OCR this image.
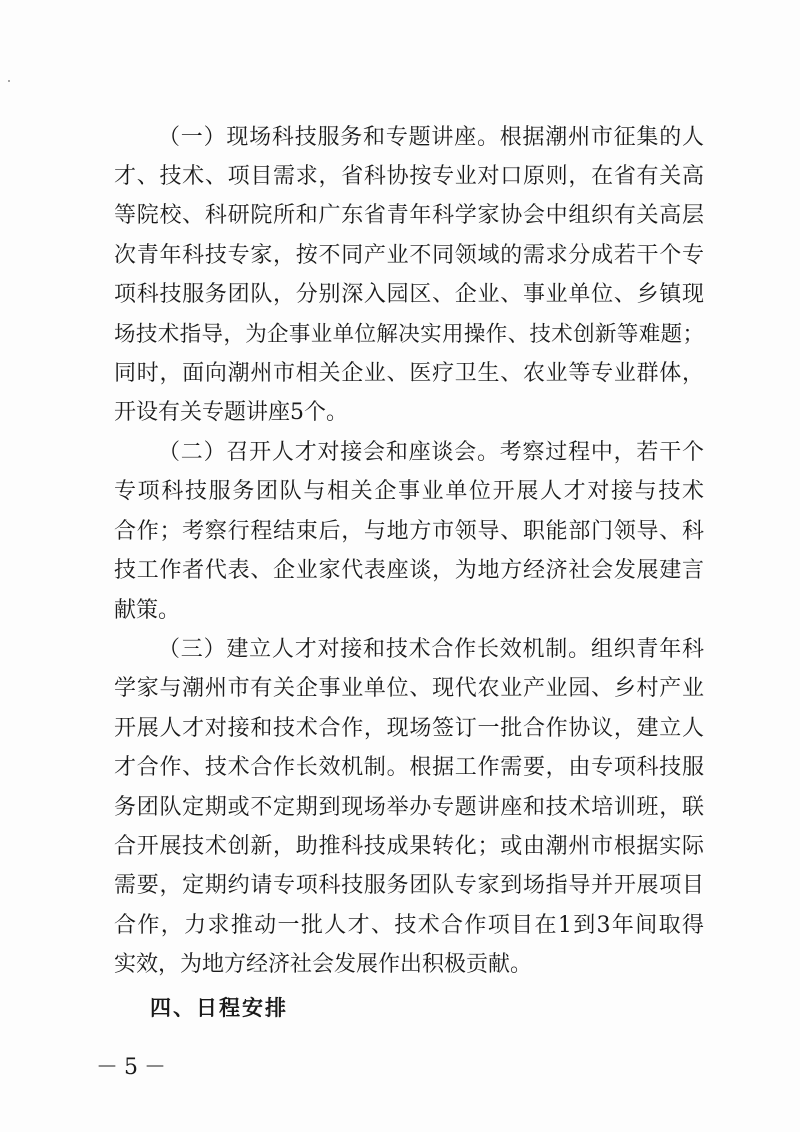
（一）现场科技服务和专题讲座。根据潮州市征集的人
才、技术、项目需求，省科协按专业对口原则，在省有关高
等院校、科研院所和广东省青年科学家协会中组织有关高层
次青年科技专家，按不同产业不同领域的需求分成若干个专
项科技服务团队，分别深入园区、企业、事业单位、乡镇现
场技术指导，为企事业单位解决实用操作、技术创新等难题；
同时，面向潮州市相关企业、医疗卫生、农业等专业群体，
开设有关专题讲座5个。
（二）召开人才对接会和座谈会。考察过程中，若干个
专项科技服务团队与相关企事业单位开展人才对接与技术
合作；考察行程结束后，与地方市领导、职能部门领导、科
技工作者代表、企业家代表座谈，为地方经济社会发展建言
献策。
（三）建立人才对接和技术合作长效机制。组织青年科
学家与潮州市有关企事业单位、现代农业产业园、乡村产业
开展人才对接和技术合作，现场签订一批合作协议，建立人
才合作、技术合作长效机制。根据工作需要，由专项科技服
务团队定期或不定期到现场举办专题讲座和技术培训班，联
合开展技术创新，助推科技成果转化；或由潮州市根据实际
需要，定期约请专项科技服务团队专家到场指导并开展项目
合作，力求推动一批人才、技术合作项目在1到3年间取得
实效，为地方经济社会发展作出积极贡献。
四、日程安排
－5－
